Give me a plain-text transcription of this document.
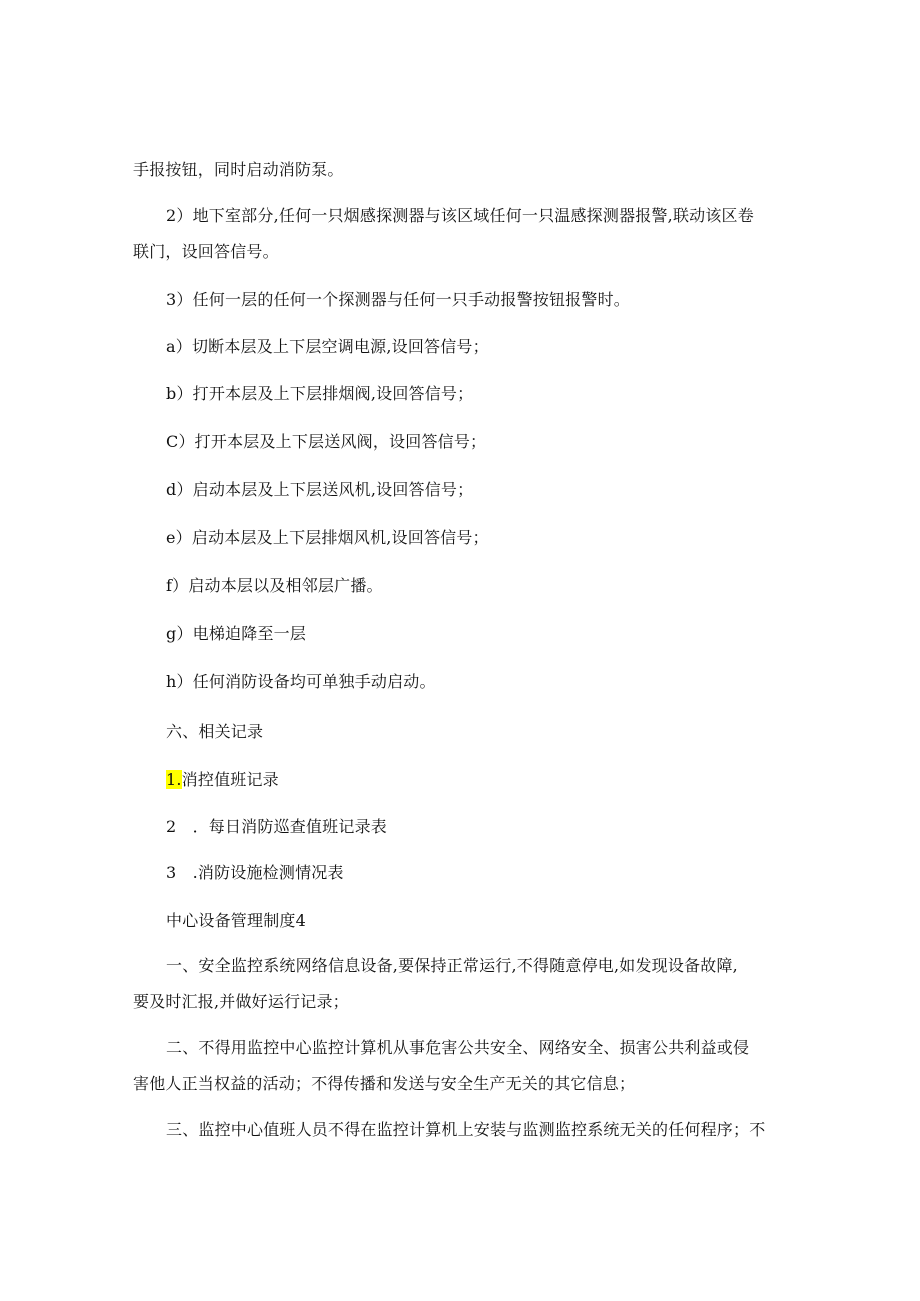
手报按钮，同时启动消防泵。
2）地下室部分,任何一只烟感探测器与该区域任何一只温感探测器报警,联动该区卷
联门，设回答信号。
3）任何一层的任何一个探测器与任何一只手动报警按钮报警时。
a）切断本层及上下层空调电源,设回答信号；
b）打开本层及上下层排烟阀,设回答信号；
C）打开本层及上下层送风阀，设回答信号；
d）启动本层及上下层送风机,设回答信号；
e）启动本层及上下层排烟风机,设回答信号；
f）启动本层以及相邻层广播。
g）电梯迫降至一层
h）任何消防设备均可单独手动启动。
六、相关记录
1.消控值班记录
2　．每日消防巡查值班记录表
3　.消防设施检测情况表
中心设备管理制度4
一、安全监控系统网络信息设备,要保持正常运行,不得随意停电,如发现设备故障,
要及时汇报,并做好运行记录；
二、不得用监控中心监控计算机从事危害公共安全、网络安全、损害公共利益或侵
害他人正当权益的活动；不得传播和发送与安全生产无关的其它信息；
三、监控中心值班人员不得在监控计算机上安装与监测监控系统无关的任何程序；不
